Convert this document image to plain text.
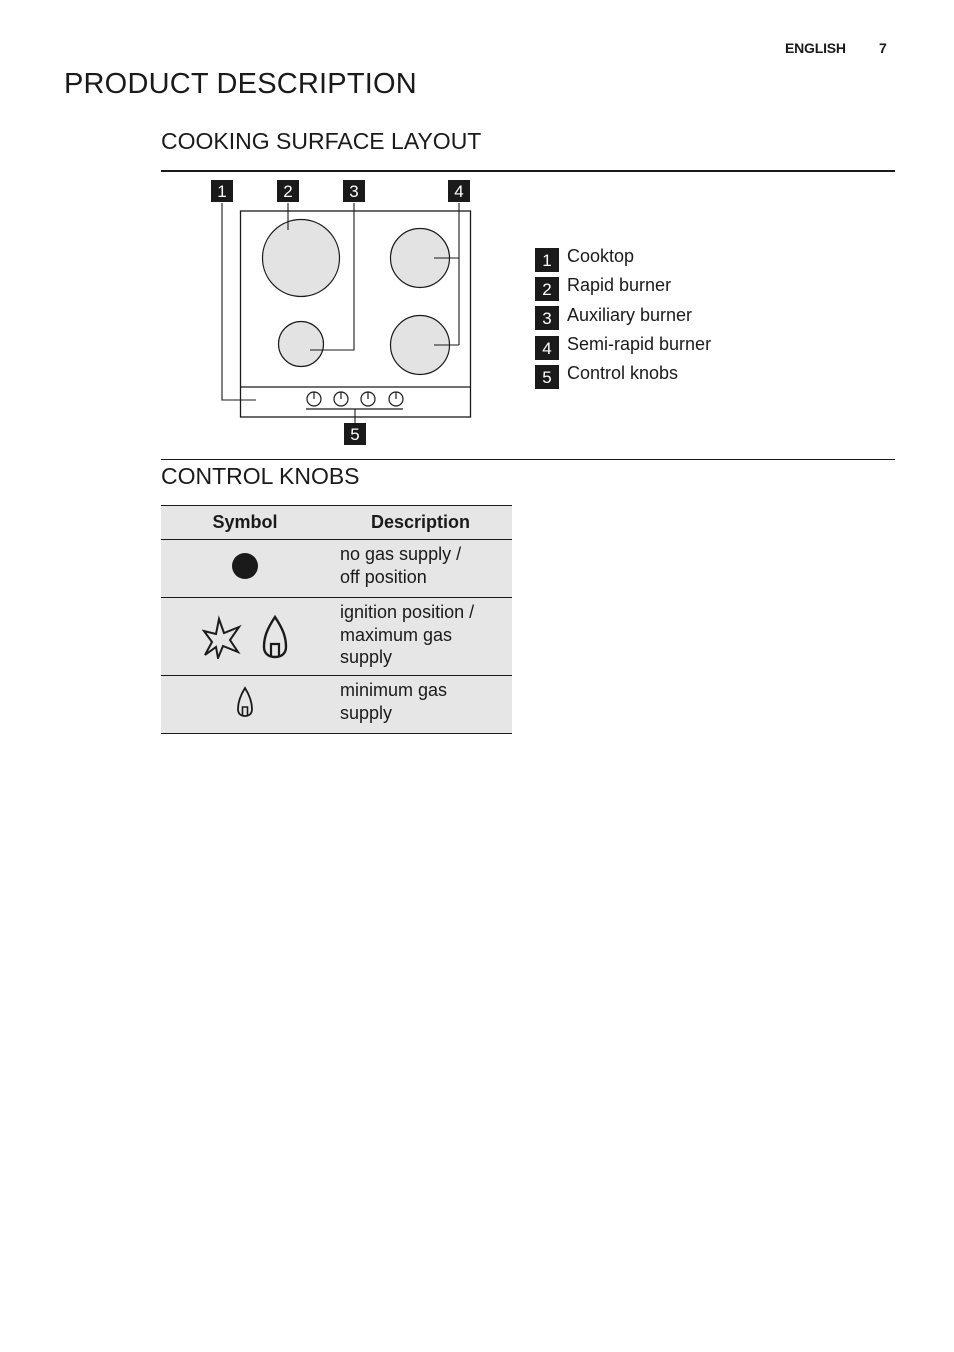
ENGLISH 7
PRODUCT DESCRIPTION
COOKING SURFACE LAYOUT
1	2	3	4
5
1 Cooktop
2 Rapid burner
3 Auxiliary burner
4 Semi-rapid burner
5 Control knobs
CONTROL KNOBS
Symbol	Description

no gas supply /
off position

ignition position /
maximum gas
supply

minimum gas
supply
